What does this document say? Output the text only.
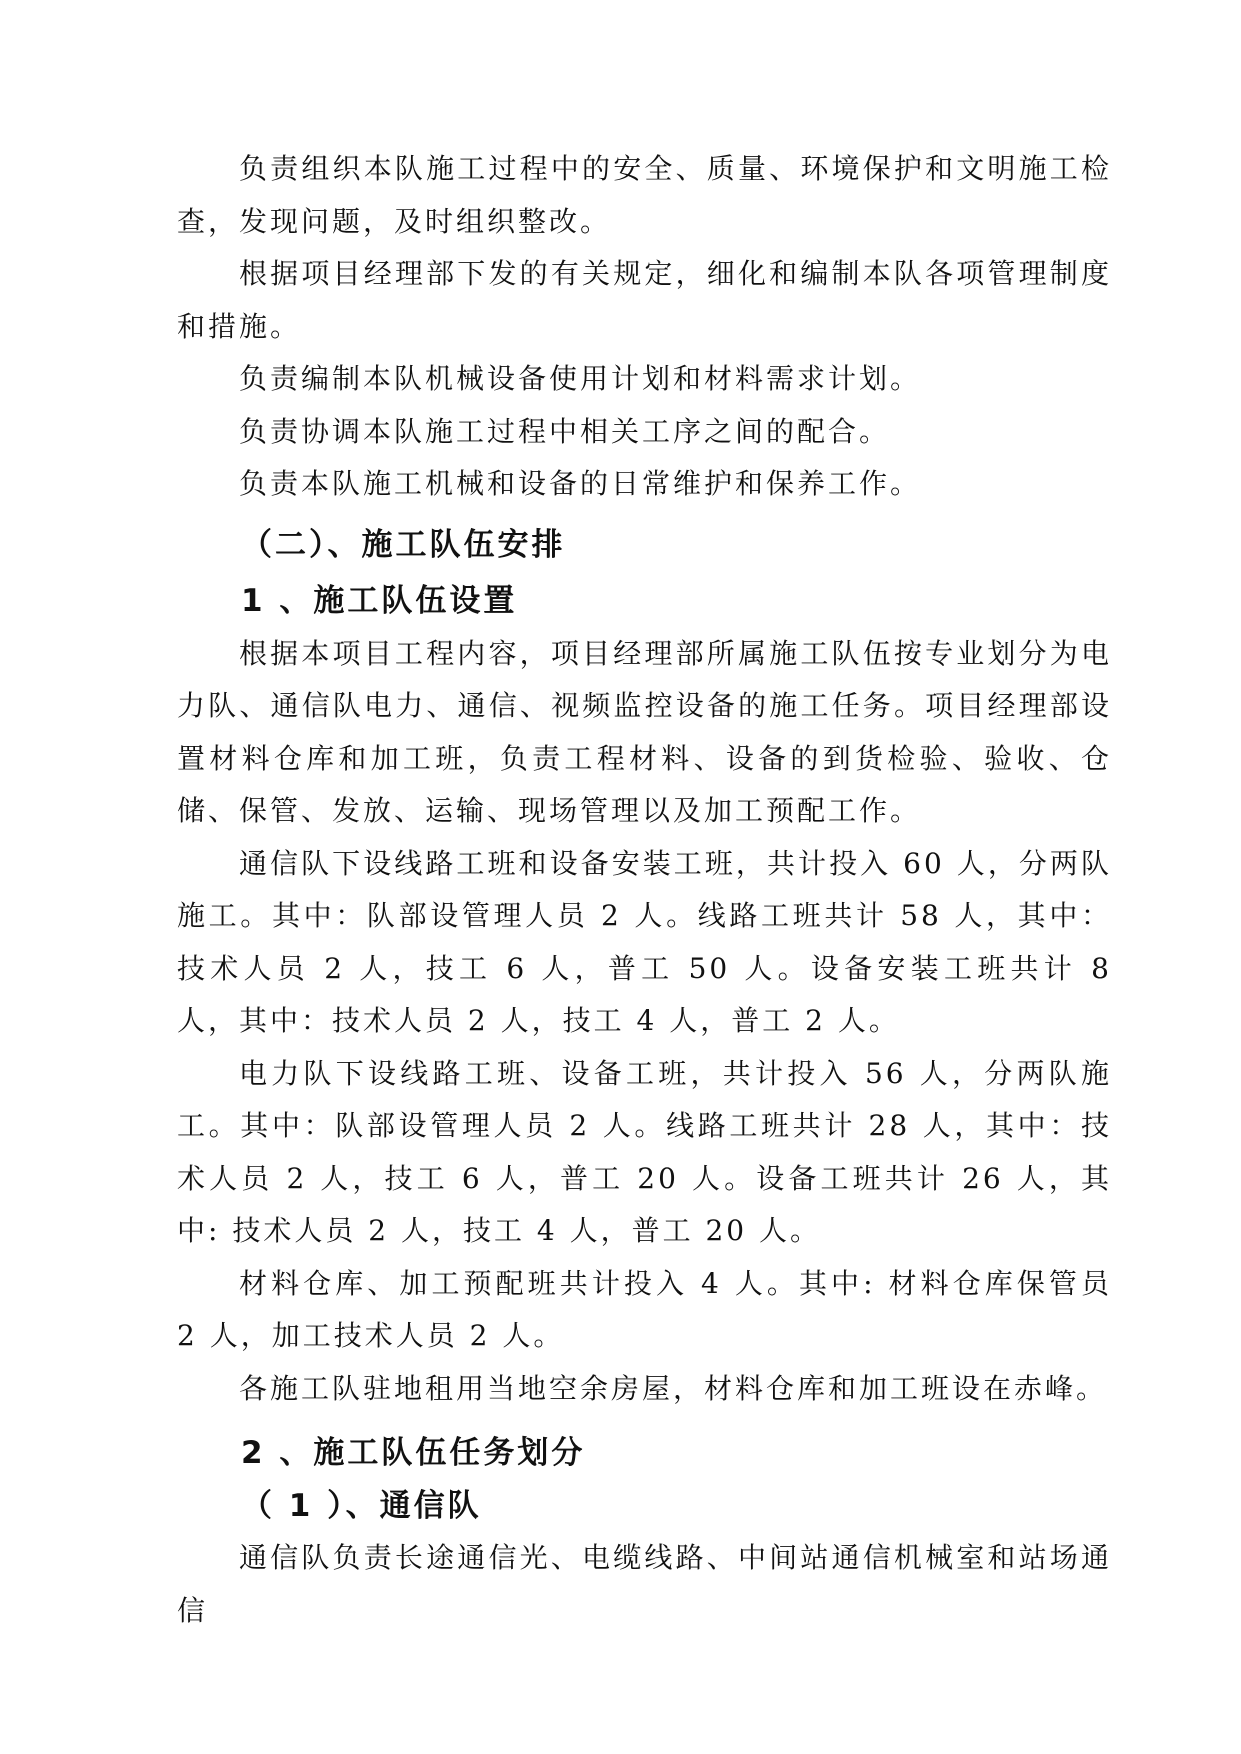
负责组织本队施工过程中的安全、质量、环境保护和文明施工检查，发现问题，及时组织整改。

根据项目经理部下发的有关规定，细化和编制本队各项管理制度和措施。

负责编制本队机械设备使用计划和材料需求计划。

负责协调本队施工过程中相关工序之间的配合。

负责本队施工机械和设备的日常维护和保养工作。

（二）、施工队伍安排
1 、施工队伍设置

根据本项目工程内容，项目经理部所属施工队伍按专业划分为电力队、通信队电力、通信、视频监控设备的施工任务。项目经理部设置材料仓库和加工班，负责工程材料、设备的到货检验、验收、仓储、保管、发放、运输、现场管理以及加工预配工作。

通信队下设线路工班和设备安装工班，共计投入 60 人，分两队施工。其中：队部设管理人员 2 人。线路工班共计 58 人，其中：技术人员 2 人，技工 6 人，普工 50 人。设备安装工班共计 8 人，其中：技术人员 2 人，技工 4 人，普工 2 人。

电力队下设线路工班、设备工班，共计投入 56 人，分两队施工。其中：队部设管理人员 2 人。线路工班共计 28 人，其中：技术人员 2 人，技工 6 人，普工 20 人。设备工班共计 26 人，其中: 技术人员 2 人，技工 4 人，普工 20 人。

材料仓库、加工预配班共计投入 4 人。其中: 材料仓库保管员 2 人，加工技术人员 2 人。

各施工队驻地租用当地空余房屋，材料仓库和加工班设在赤峰。

2 、施工队伍任务划分
（ 1 ）、通信队

通信队负责长途通信光、电缆线路、中间站通信机械室和站场通信
